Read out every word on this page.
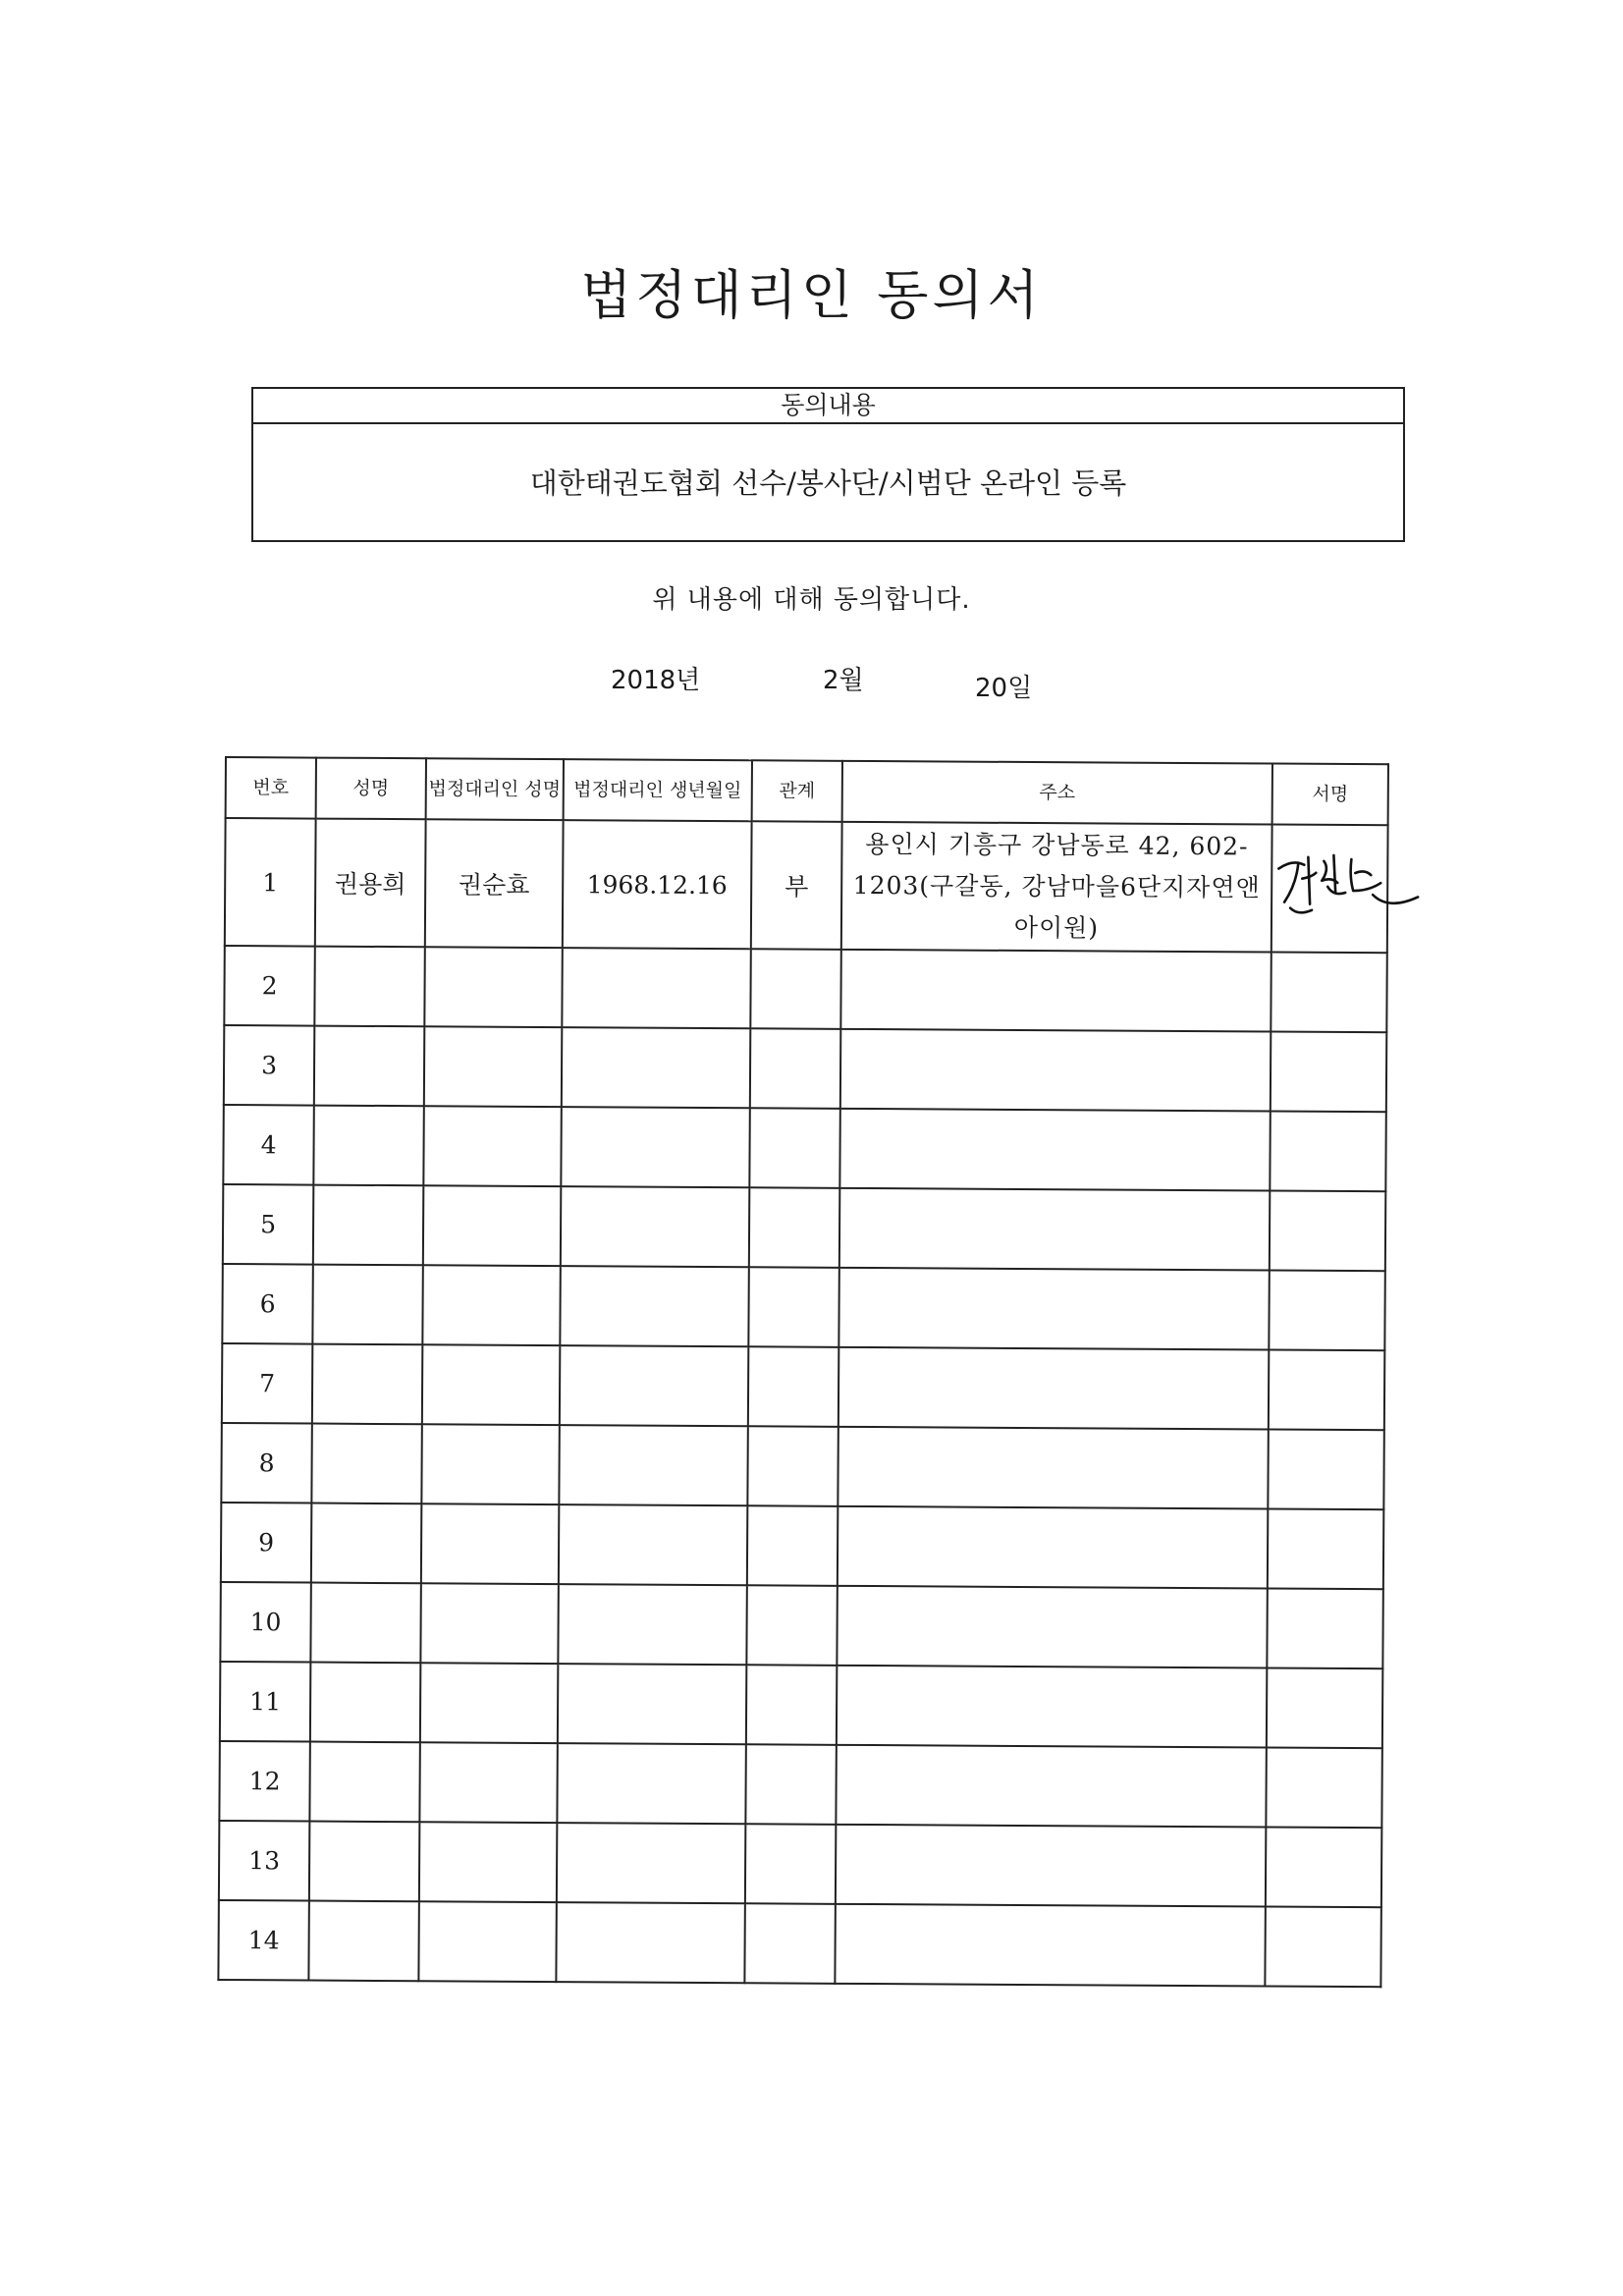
법정대리인 동의서
동의내용
대한태권도협회 선수/봉사단/시범단 온라인 등록
위 내용에 대해 동의합니다.
2018년	2월	20일
번호	성명	법정대리인 성명	법정대리인 생년월일	관계	주소	서명
1	권용희	권순효	1968.12.16	부	용인시 기흥구 강남동로 42, 602-1203(구갈동, 강남마을6단지자연앤아이원)	

2						
3						
4						
5						
6						
7						
8						
9						
10						
11						
12						
13						
14						
